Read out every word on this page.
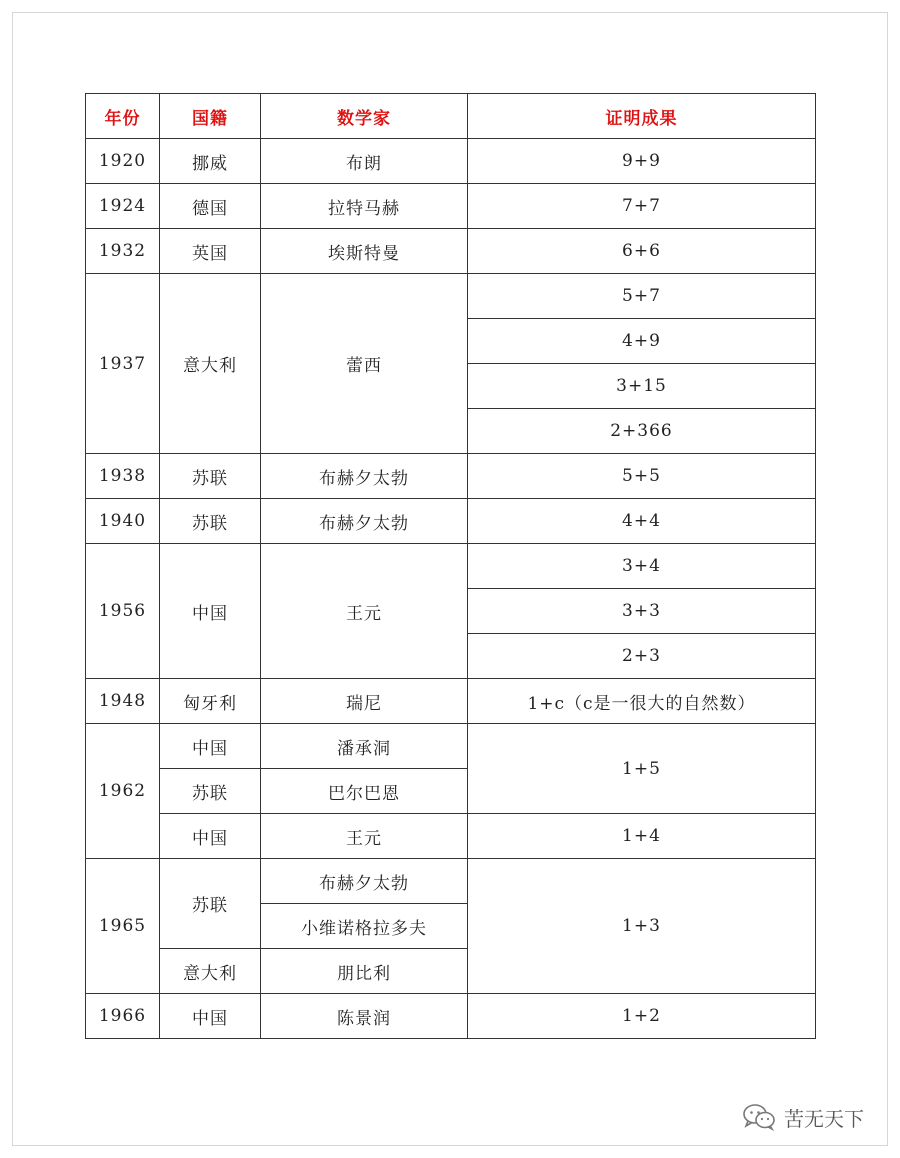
年份	国籍	数学家	证明成果
1920	挪威	布朗	9+9
1924	德国	拉特马赫	7+7
1932	英国	埃斯特曼	6+6
1937	意大利	蕾西	5+7
			4+9
			3+15
			2+366
1938	苏联	布赫夕太勃	5+5
1940	苏联	布赫夕太勃	4+4
1956	中国	王元	3+4
			3+3
			2+3
1948	匈牙利	瑞尼	1+c（c是一很大的自然数）
1962	中国	潘承洞	1+5
	苏联	巴尔巴恩	
	中国	王元	1+4
1965	苏联	布赫夕太勃	1+3
		小维诺格拉多夫	
	意大利	朋比利	
1966	中国	陈景润	1+2
苦无天下
